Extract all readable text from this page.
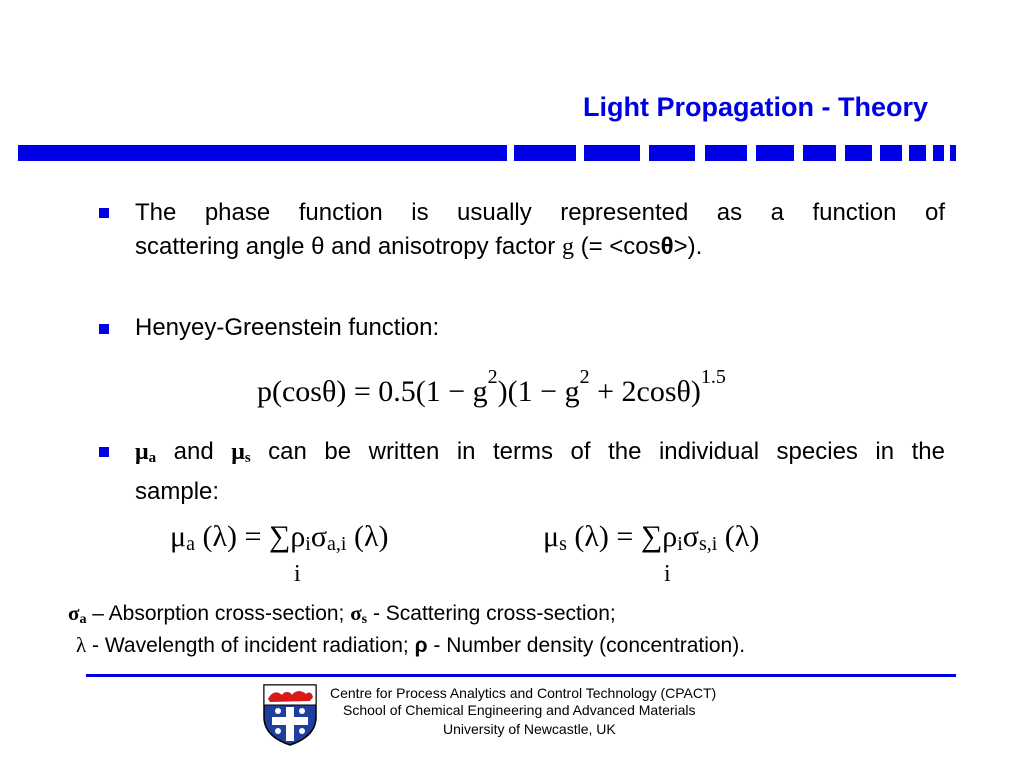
Light Propagation - Theory
The phase function is usually represented as a function of
scattering angle θ and anisotropy factor g (= <cosθ>).
Henyey-Greenstein function:
$p(\cos\theta) = 0.5(1 - g^2)(1 - g^2 + 2\cos\theta)^{1.5}$
μa and μs can be written in terms of the individual species in the
sample:
$\mu_a$ $(\lambda) = \sum\rho_i\sigma_{a,i}$ (λ)
i
$\mu_s$ $(\lambda) = \sum\rho_i\sigma_{s,i}$ (λ)
i
σa – Absorption cross-section; σs - Scattering cross-section;
λ - Wavelength of incident radiation; ρ - Number density (concentration).
Centre for Process Analytics and Control Technology (CPACT)
School of Chemical Engineering and Advanced Materials
University of Newcastle, UK
